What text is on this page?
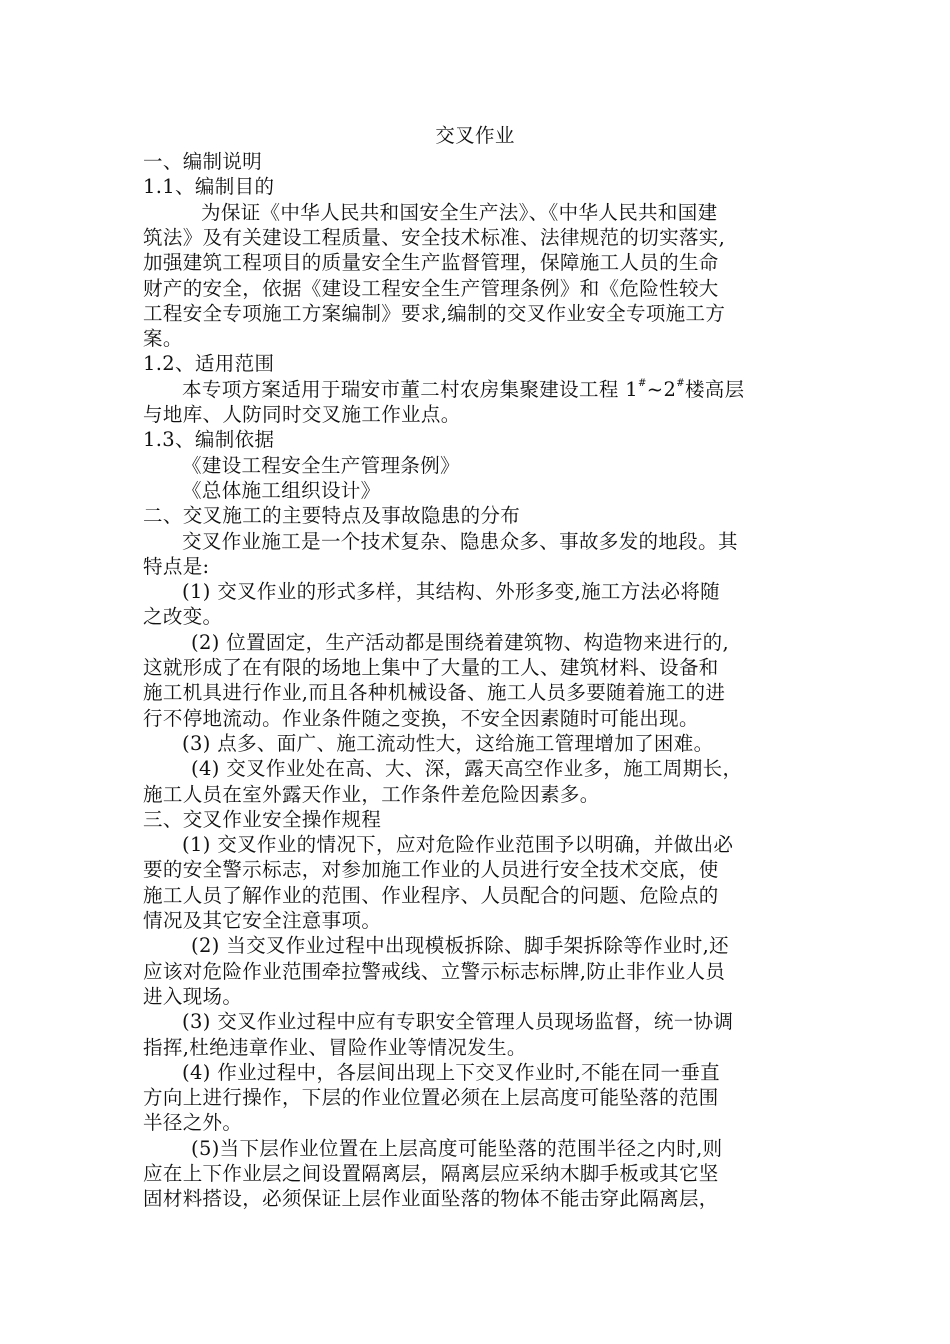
交叉作业
一、编制说明
1.1、编制目的
为保证《中华人民共和国安全生产法》、《中华人民共和国建
筑法》及有关建设工程质量、安全技术标准、法律规范的切实落实,
加强建筑工程项目的质量安全生产监督管理，保障施工人员的生命
财产的安全，依据《建设工程安全生产管理条例》和《危险性较大
工程安全专项施工方案编制》要求,编制的交叉作业安全专项施工方
案。
1.2、适用范围
本专项方案适用于瑞安市董二村农房集聚建设工程 1#~2#楼高层
与地库、人防同时交叉施工作业点。
1.3、编制依据
《建设工程安全生产管理条例》
《总体施工组织设计》
二、交叉施工的主要特点及事故隐患的分布
交叉作业施工是一个技术复杂、隐患众多、事故多发的地段。其
特点是:
(1) 交叉作业的形式多样，其结构、外形多变,施工方法必将随
之改变。
(2) 位置固定，生产活动都是围绕着建筑物、构造物来进行的,
这就形成了在有限的场地上集中了大量的工人、建筑材料、设备和
施工机具进行作业,而且各种机械设备、施工人员多要随着施工的进
行不停地流动。作业条件随之变换，不安全因素随时可能出现。
(3) 点多、面广、施工流动性大，这给施工管理增加了困难。
(4) 交叉作业处在高、大、深，露天高空作业多，施工周期长，
施工人员在室外露天作业，工作条件差危险因素多。
三、交叉作业安全操作规程
(1) 交叉作业的情况下，应对危险作业范围予以明确，并做出必
要的安全警示标志，对参加施工作业的人员进行安全技术交底，使
施工人员了解作业的范围、作业程序、人员配合的问题、危险点的
情况及其它安全注意事项。
(2) 当交叉作业过程中出现模板拆除、脚手架拆除等作业时,还
应该对危险作业范围牵拉警戒线、立警示标志标牌,防止非作业人员
进入现场。
(3) 交叉作业过程中应有专职安全管理人员现场监督，统一协调
指挥,杜绝违章作业、冒险作业等情况发生。
(4) 作业过程中，各层间出现上下交叉作业时,不能在同一垂直
方向上进行操作，下层的作业位置必须在上层高度可能坠落的范围
半径之外。
(5)当下层作业位置在上层高度可能坠落的范围半径之内时,则
应在上下作业层之间设置隔离层，隔离层应采纳木脚手板或其它坚
固材料搭设，必须保证上层作业面坠落的物体不能击穿此隔离层，
